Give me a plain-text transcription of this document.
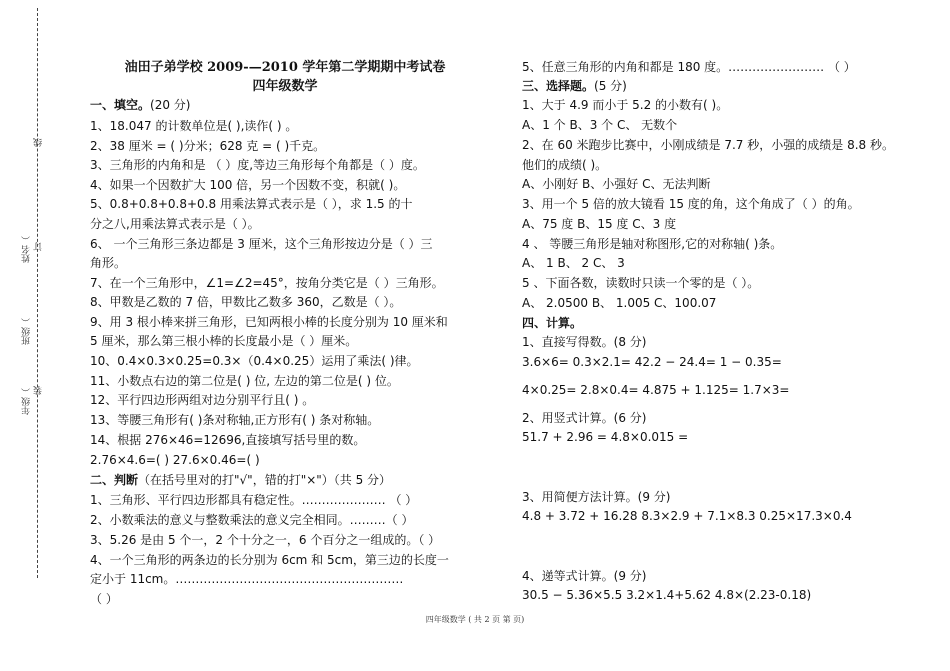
线
姓名（ 订
班级（
年级（ 装
油田子弟学校 2009-—2010 学年第二学期期中考试卷
四年级数学
一、填空。(20 分)
1、18.047 的计数单位是( ),读作( ) 。
2、38 厘米 = ( )分米；628 克 = ( )千克。
3、三角形的内角和是 （ ）度,等边三角形每个角都是（ ）度。
4、如果一个因数扩大 100 倍，另一个因数不变，积就( )。
5、0.8+0.8+0.8+0.8 用乘法算式表示是（ ），求 1.5 的十
分之八,用乘法算式表示是（ ）。
6、 一个三角形三条边都是 3 厘米，这个三角形按边分是（ ）三
角形。
7、在一个三角形中，∠1=∠2=45°，按角分类它是（ ）三角形。
8、甲数是乙数的 7 倍，甲数比乙数多 360，乙数是（ ）。
9、用 3 根小棒来拼三角形，已知两根小棒的长度分别为 10 厘米和
5 厘米，那么第三根小棒的长度最小是（ ）厘米。
10、0.4×0.3×0.25=0.3×（0.4×0.25）运用了乘法( )律。
11、小数点右边的第二位是( ) 位, 左边的第二位是( ) 位。
12、平行四边形两组对边分别平行且( ) 。
13、等腰三角形有( )条对称轴,正方形有( ) 条对称轴。
14、根据 276×46=12696,直接填写括号里的数。
2.76×4.6=( ) 27.6×0.46=( )
二、判断（在括号里对的打"√"，错的打"×"）（共 5 分）
1、三角形、平行四边形都具有稳定性。………………… （ ）
2、小数乘法的意义与整数乘法的意义完全相同。………（ ）
3、5.26 是由 5 个一，2 个十分之一，6 个百分之一组成的。（ ）
4、一个三角形的两条边的长分别为 6cm 和 5cm，第三边的长度一
定小于 11cm。…………………………………………………
（ ）
5、任意三角形的内角和都是 180 度。…………………… （ ）
三、选择题。(5 分)
1、大于 4.9 而小于 5.2 的小数有( )。
A、1 个 B、3 个 C、 无数个
2、在 60 米跑步比赛中，小刚成绩是 7.7 秒，小强的成绩是 8.8 秒。
他们的成绩( )。
A、小刚好 B、小强好 C、无法判断
3、用一个 5 倍的放大镜看 15 度的角，这个角成了（ ）的角。
A、75 度 B、15 度 C、3 度
4 、 等腰三角形是轴对称图形,它的对称轴( )条。
A、 1 B、 2 C、 3
5 、下面各数，读数时只读一个零的是（ ）。
A、 2.0500 B、 1.005 C、100.07
四、计算。
1、直接写得数。(8 分)
3.6×6= 0.3×2.1= 42.2 − 24.4= 1 − 0.35=
4×0.25= 2.8×0.4= 4.875 + 1.125= 1.7×3=
2、用竖式计算。(6 分)
51.7 + 2.96 = 4.8×0.015 =
3、用简便方法计算。(9 分)
4.8 + 3.72 + 16.28 8.3×2.9 + 7.1×8.3 0.25×17.3×0.4
4、递等式计算。(9 分)
30.5 − 5.36×5.5 3.2×1.4+5.62 4.8×(2.23-0.18)
四年级数学 ( 共 2 页 第 页)
